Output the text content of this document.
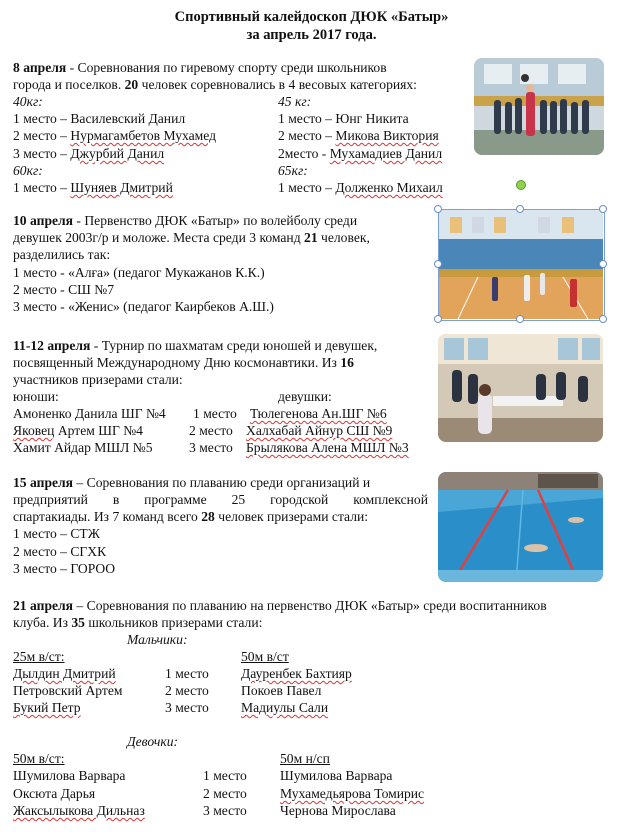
Спортивный калейдоскоп ДЮК «Батыр»
за апрель 2017 года.
8 апреля - Соревнования по гиревому спорту среди школьников
города и поселков. 20 человек соревновались в 4 весовых категориях:
40кг:	45 кг:
1 место – Василевский Данил	1 место – Юнг Никита
2 место – Нурмагамбетов Мухамед	2 место – Микова Виктория
3 место – Джурбий Данил	2место - Мухамадиев Данил
60кг:	65кг:
1 место – Шуняев Дмитрий	1 место – Долженко Михаил
10 апреля - Первенство ДЮК «Батыр» по волейболу среди
девушек 2003г/р и моложе. Места среди 3 команд 21 человек,
разделились так:
1 место - «Алға» (педагог Мукажанов К.К.)
2 место - СШ №7
3 место - «Женис» (педагог Каирбеков А.Ш.)
11-12 апреля - Турнир по шахматам среди юношей и девушек,
посвященный Международному Дню космонавтики. Из 16
участников призерами стали:
юноши:	девушки:
Амоненко Данила ШГ №4 1 место Тюлегенова Ан.ШГ №6
Яковец Артем ШГ №4	2 место Халхабай Айнур СШ №9
Хамит Айдар МШЛ №5	3 место Брылякова Алена МШЛ №3
15 апреля – Соревнования по плаванию среди организаций и
предприятий в программе 25 городской комплексной
спартакиады. Из 7 команд всего 28 человек призерами стали:
1 место – СТЖ
2 место – СГХК
3 место – ГОРОО
21 апреля – Соревнования по плаванию на первенство ДЮК «Батыр» среди воспитанников
клуба. Из 35 школьников призерами стали:
Мальчики:
25м в/ст:	50м в/ст
Дылдин Дмитрий	1 место Дауренбек Бахтияр
Петровский Артем	2 место Покоев Павел
Букий Петр	3 место Мадиулы Сали
Девочки:
50м в/ст:	50м н/сп
Шумилова Варвара	1 место Шумилова Варвара
Оксюта Дарья	2 место Мухамедьярова Томирис
Жаксылыкова Дильназ	3 место Чернова Мирослава
